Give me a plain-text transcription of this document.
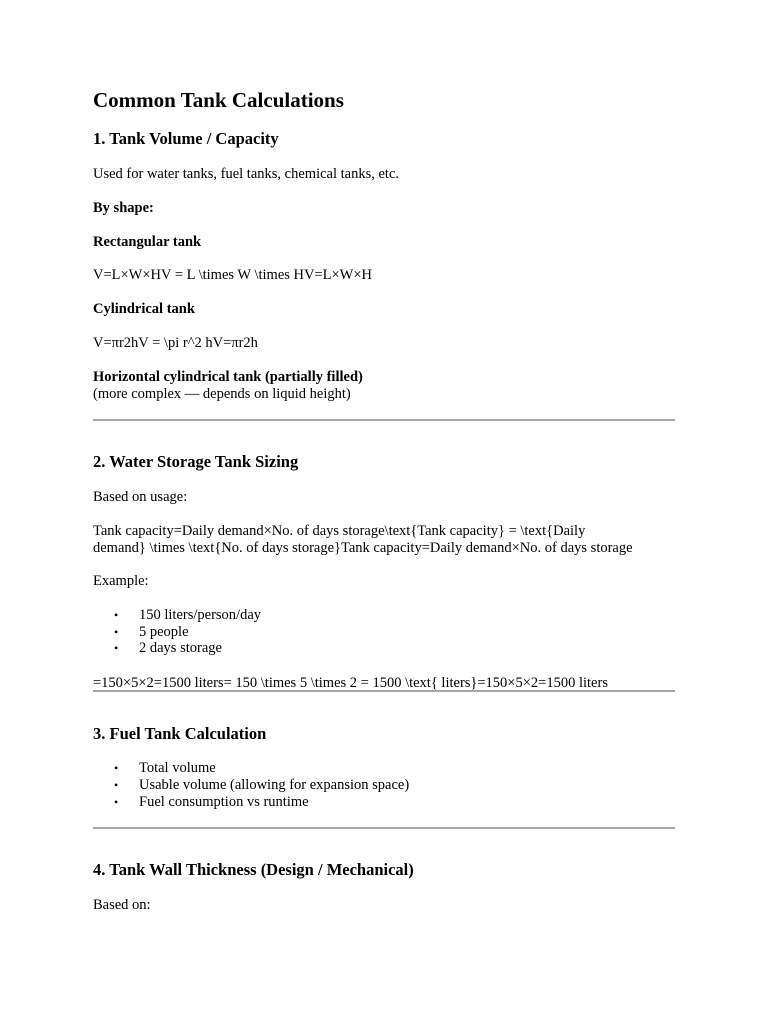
Common Tank Calculations
1. Tank Volume / Capacity

Used for water tanks, fuel tanks, chemical tanks, etc.

By shape:

Rectangular tank

V=L×W×HV = L \times W \times HV=L×W×H

Cylindrical tank

V=πr2hV = \pi r^2 hV=πr2h

Horizontal cylindrical tank (partially filled)

(more complex — depends on liquid height)

2. Water Storage Tank Sizing

Based on usage:

Tank capacity=Daily demand×No. of days storage\text{Tank capacity} = \text{Daily

demand} \times \text{No. of days storage}Tank capacity=Daily demand×No. of days storage

Example:

• 150 liters/person/day

• 5 people

• 2 days storage

=150×5×2=1500 liters= 150 \times 5 \times 2 = 1500 \text{ liters}=150×5×2=1500 liters

3. Fuel Tank Calculation
• Total volume

• Usable volume (allowing for expansion space)

• Fuel consumption vs runtime

4. Tank Wall Thickness (Design / Mechanical)

Based on:
